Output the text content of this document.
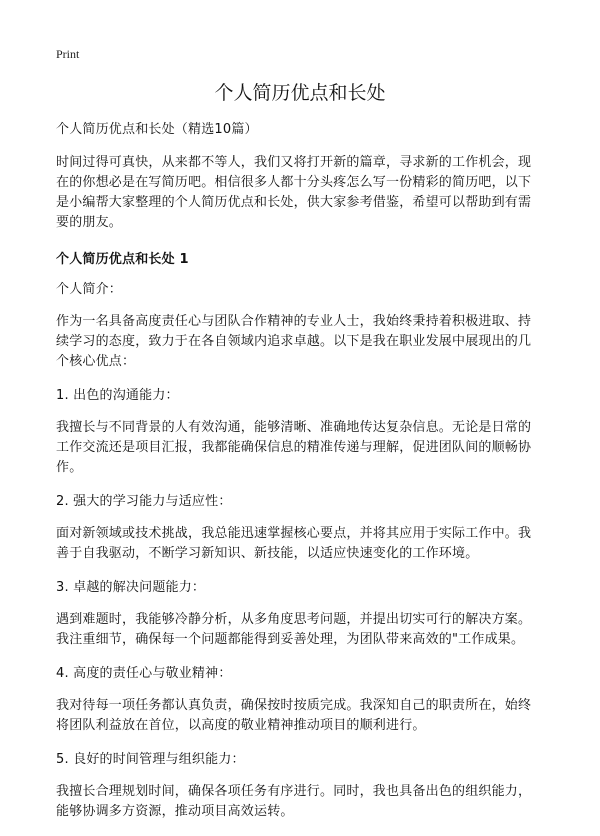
Print
个人简历优点和长处

个人简历优点和长处（精选10篇）

时间过得可真快，从来都不等人，我们又将打开新的篇章，寻求新的工作机会，现在的你想必是在写简历吧。相信很多人都十分头疼怎么写一份精彩的简历吧，以下是小编帮大家整理的个人简历优点和长处，供大家参考借鉴，希望可以帮助到有需要的朋友。

个人简历优点和长处 1

个人简介：

作为一名具备高度责任心与团队合作精神的专业人士，我始终秉持着积极进取、持续学习的态度，致力于在各自领域内追求卓越。以下是我在职业发展中展现出的几个核心优点：

1. 出色的沟通能力：

我擅长与不同背景的人有效沟通，能够清晰、准确地传达复杂信息。无论是日常的工作交流还是项目汇报，我都能确保信息的精准传递与理解，促进团队间的顺畅协作。

2. 强大的学习能力与适应性：

面对新领域或技术挑战，我总能迅速掌握核心要点，并将其应用于实际工作中。我善于自我驱动，不断学习新知识、新技能，以适应快速变化的工作环境。

3. 卓越的解决问题能力：

遇到难题时，我能够冷静分析，从多角度思考问题，并提出切实可行的解决方案。我注重细节，确保每一个问题都能得到妥善处理，为团队带来高效的"工作成果。

4. 高度的责任心与敬业精神：

我对待每一项任务都认真负责，确保按时按质完成。我深知自己的职责所在，始终将团队利益放在首位，以高度的敬业精神推动项目的顺利进行。

5. 良好的时间管理与组织能力：

我擅长合理规划时间，确保各项任务有序进行。同时，我也具备出色的组织能力，能够协调多方资源，推动项目高效运转。
